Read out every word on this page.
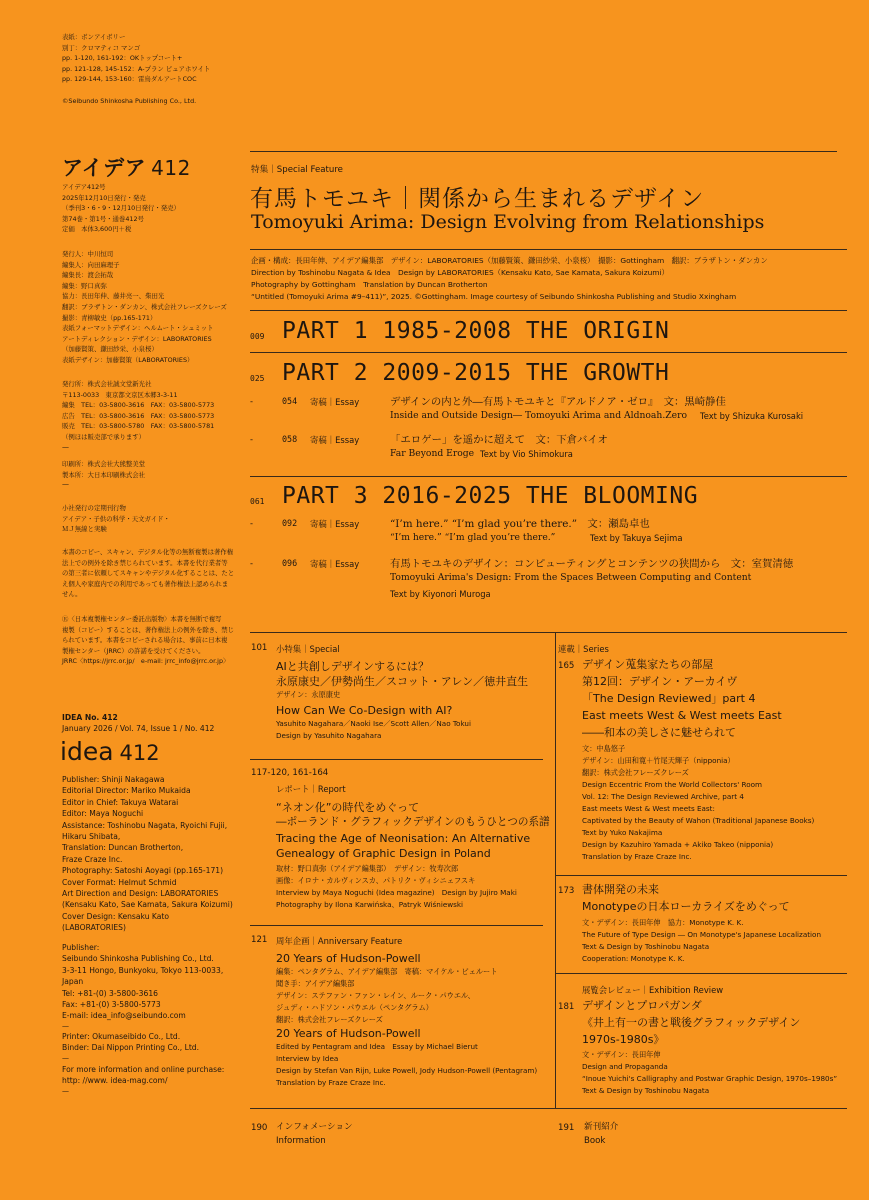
表紙：ボンアイボリー
別丁：クロマティコ マンゴ
pp. 1-120, 161-192：OKトップコート+
pp. 121-128, 145-152：A-プラン ピュアホワイト
pp. 129-144, 153-160：雷鳥ダルアートCOC

©Seibundo Shinkosha Publishing Co., Ltd.
アイデア 412
アイデア412号
2025年12月10日発行・発売
（季刊3・6・9・12月10日発行・発売）
第74巻・第1号・通巻412号
定価　本体3,600円＋税
発行人：中川恒司
編集人：向田麻理子
編集長：渡会拓哉
編集：野口真弥
協力：長田年伸、藤井亮一、柴田光
翻訳：ブラザトン・ダンカン、株式会社フレーズクレーズ
撮影：青柳敏史（pp.165-171）
表紙フォーマットデザイン：ヘルムート・シュミット
アートディレクション・デザイン：LABORATORIES
（加藤賢策、鎌田紗栄、小泉桜）
表紙デザイン：加藤賢策（LABORATORIES）
発行所：株式会社誠文堂新光社
〒113-0033　東京都文京区本郷3-3-11
編集　TEL：03-5800-3616　FAX：03-5800-5773
広告　TEL：03-5800-3616　FAX：03-5800-5773
販売　TEL：03-5800-5780　FAX：03-5800-5781
（例ほは販売部で承ります）
—
印刷所：株式会社大熊整美堂
製本所：大日本印刷株式会社
—
小社発行の定期刊行物
アイデア・子供の科学・天文ガイド・
ＭＪ無線と実験
本書のコピー、スキャン、デジタル化等の無断複製は著作権
法上での例外を除き禁じられています。本書を代行業者等
の第三者に依頼してスキャンやデジタル化することは、たと
え個人や家庭内での利用であっても著作権法上認められま
せん。
Ⓡ〈日本複製権センター委託出版物〉本書を無断で複写
複製（コピー）することは、著作権法上の例外を除き、禁じ
られています。本書をコピーされる場合は、事前に日本複
製権センター（JRRC）の許諾を受けてください。
JRRC〈https://jrrc.or.jp/　e-mail: jrrc_info@jrrc.or.jp〉
IDEA No. 412
January 2026 / Vol. 74, Issue 1 / No. 412
idea 412
Publisher: Shinji Nakagawa
Editorial Director: Mariko Mukaida
Editor in Chief: Takuya Watarai
Editor: Maya Noguchi
Assistance: Toshinobu Nagata, Ryoichi Fujii,
Hikaru Shibata,
Translation: Duncan Brotherton,
Fraze Craze Inc.
Photography: Satoshi Aoyagi (pp.165-171)
Cover Format: Helmut Schmid
Art Direction and Design: LABORATORIES
(Kensaku Kato, Sae Kamata, Sakura Koizumi)
Cover Design: Kensaku Kato
(LABORATORIES)
Publisher:
Seibundo Shinkosha Publishing Co., Ltd.
3-3-11 Hongo, Bunkyoku, Tokyo 113-0033,
Japan
Tel: +81-(0) 3-5800-3616
Fax: +81-(0) 3-5800-5773
E-mail: idea_info@seibundo.com
—
Printer: Okumaseibido Co., Ltd.
Binder: Dai Nippon Printing Co., Ltd.
—
For more information and online purchase:
http: //www. idea-mag.com/
—
特集｜Special Feature
有馬トモユキ｜関係から生まれるデザイン
Tomoyuki Arima: Design Evolving from Relationships
企画・構成：長田年伸、アイデア編集部　デザイン：LABORATORIES（加藤賢策、鎌田紗栄、小泉桜）　撮影：Gottingham　翻訳：ブラザトン・ダンカン
Direction by Toshinobu Nagata & Idea　Design by LABORATORIES（Kensaku Kato, Sae Kamata, Sakura Koizumi）
Photography by Gottingham　Translation by Duncan Brotherton
“Untitled (Tomoyuki Arima #9–411)”, 2025. ©Gottingham. Image courtesy of Seibundo Shinkosha Publishing and Studio Xxingham
009 PART 1 1985-2008 THE ORIGIN
025 PART 2 2009-2015 THE GROWTH
-	054 寄稿｜Essay	デザインの内と外―有馬トモユキと『アルドノア・ゼロ』　文：黒崎静佳
Inside and Outside Design― Tomoyuki Arima and Aldnoah.Zero Text by Shizuka Kurosaki
-	058 寄稿｜Essay	「エロゲー」を遥かに超えて　文：下倉バイオ
Far Beyond Eroge Text by Vio Shimokura
061 PART 3 2016-2025 THE BLOOMING
-	092 寄稿｜Essay	“I’m here.” “I’m glad you’re there.”　文：瀬島卓也
“I’m here.” “I’m glad you’re there.”	Text by Takuya Sejima
-	096 寄稿｜Essay	有馬トモユキのデザイン：コンピューティングとコンテンツの狭間から　文：室賀清徳
Tomoyuki Arima's Design: From the Spaces Between Computing and Content
Text by Kiyonori Muroga
101 小特集｜Special
AIと共創しデザインするには？
永原康史／伊勢尚生／スコット・アレン／徳井直生
デザイン：永原康史
How Can We Co-Design with AI?
Yasuhito Nagahara／Naoki Ise／Scott Allen／Nao Tokui
Design by Yasuhito Nagahara
117-120, 161-164
レポート｜Report
“ネオン化”の時代をめぐって
―ポーランド・グラフィックデザインのもうひとつの系譜
Tracing the Age of Neonisation: An Alternative
Genealogy of Graphic Design in Poland
取材：野口真弥（アイデア編集部）　デザイン：牧寿次郎
画像：イロナ・カルヴィンスカ、パトリク・ヴィシニェフスキ
Interview by Maya Noguchi (Idea magazine)　Design by Jujiro Maki
Photography by Ilona Karwińska、Patryk Wiśniewski
121 周年企画｜Anniversary Feature
20 Years of Hudson-Powell
編集：ペンタグラム、アイデア編集部　寄稿：マイケル・ビェルート
聞き手：アイデア編集部
デザイン：ステファン・ファン・レイン、ルーク・パウエル、
ジュディ・ハドソン・パウエル（ペンタグラム）
翻訳：株式会社フレーズクレーズ
20 Years of Hudson-Powell
Edited by Pentagram and Idea　Essay by Michael Bierut
Interview by Idea
Design by Stefan Van Rijn, Luke Powell, Jody Hudson-Powell (Pentagram)
Translation by Fraze Craze Inc.
連載｜Series
165 デザイン蒐集家たちの部屋
第12回：デザイン・アーカイヴ
「The Design Reviewed」part 4
East meets West & West meets East
――和本の美しさに魅せられて
文：中島悠子
デザイン：山田和寛＋竹尾天輝子（nipponia）
翻訳：株式会社フレーズクレーズ
Design Eccentric From the World Collectors' Room
Vol. 12: The Design Reviewed Archive, part 4
East meets West & West meets East:
Captivated by the Beauty of Wahon (Traditional Japanese Books)
Text by Yuko Nakajima
Design by Kazuhiro Yamada + Akiko Takeo (nipponia)
Translation by Fraze Craze Inc.
173 書体開発の未来
Monotypeの日本ローカライズをめぐって
文・デザイン：長田年伸　協力：Monotype K. K.
The Future of Type Design ― On Monotype's Japanese Localization
Text & Design by Toshinobu Nagata
Cooperation: Monotype K. K.
展覧会レビュー｜Exhibition Review
181 デザインとプロパガンダ
《井上有一の書と戦後グラフィックデザイン
1970s-1980s》
文・デザイン：長田年伸
Design and Propaganda
“Inoue Yuichi's Calligraphy and Postwar Graphic Design, 1970s–1980s”
Text & Design by Toshinobu Nagata
190 インフォメーション
Information
191 新刊紹介
Book
